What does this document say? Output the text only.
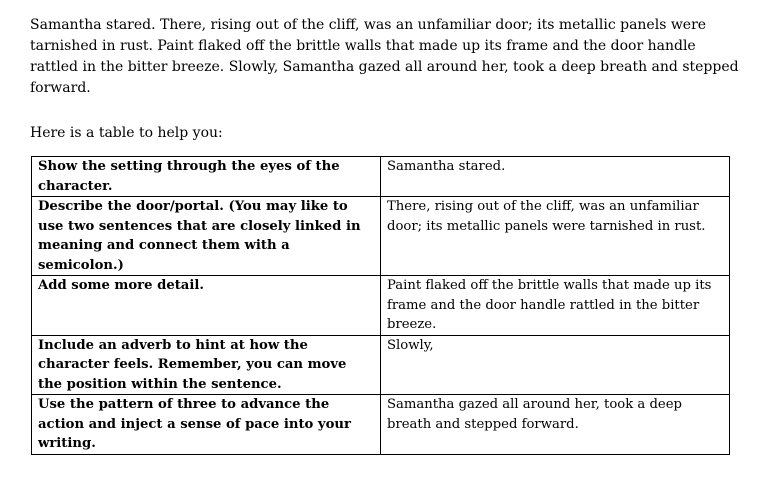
Samantha stared. There, rising out of the cliff, was an unfamiliar door; its metallic panels were tarnished in rust. Paint flaked off the brittle walls that made up its frame and the door handle rattled in the bitter breeze. Slowly, Samantha gazed all around her, took a deep breath and stepped forward.

Here is a table to help you:

Show the setting through the eyes of the character.	Samantha stared.
Describe the door/portal. (You may like to use two sentences that are closely linked in meaning and connect them with a semicolon.)	There, rising out of the cliff, was an unfamiliar door; its metallic panels were tarnished in rust.
Add some more detail.	Paint flaked off the brittle walls that made up its frame and the door handle rattled in the bitter breeze.
Include an adverb to hint at how the character feels. Remember, you can move the position within the sentence.	Slowly,
Use the pattern of three to advance the action and inject a sense of pace into your writing.	Samantha gazed all around her, took a deep breath and stepped forward.
